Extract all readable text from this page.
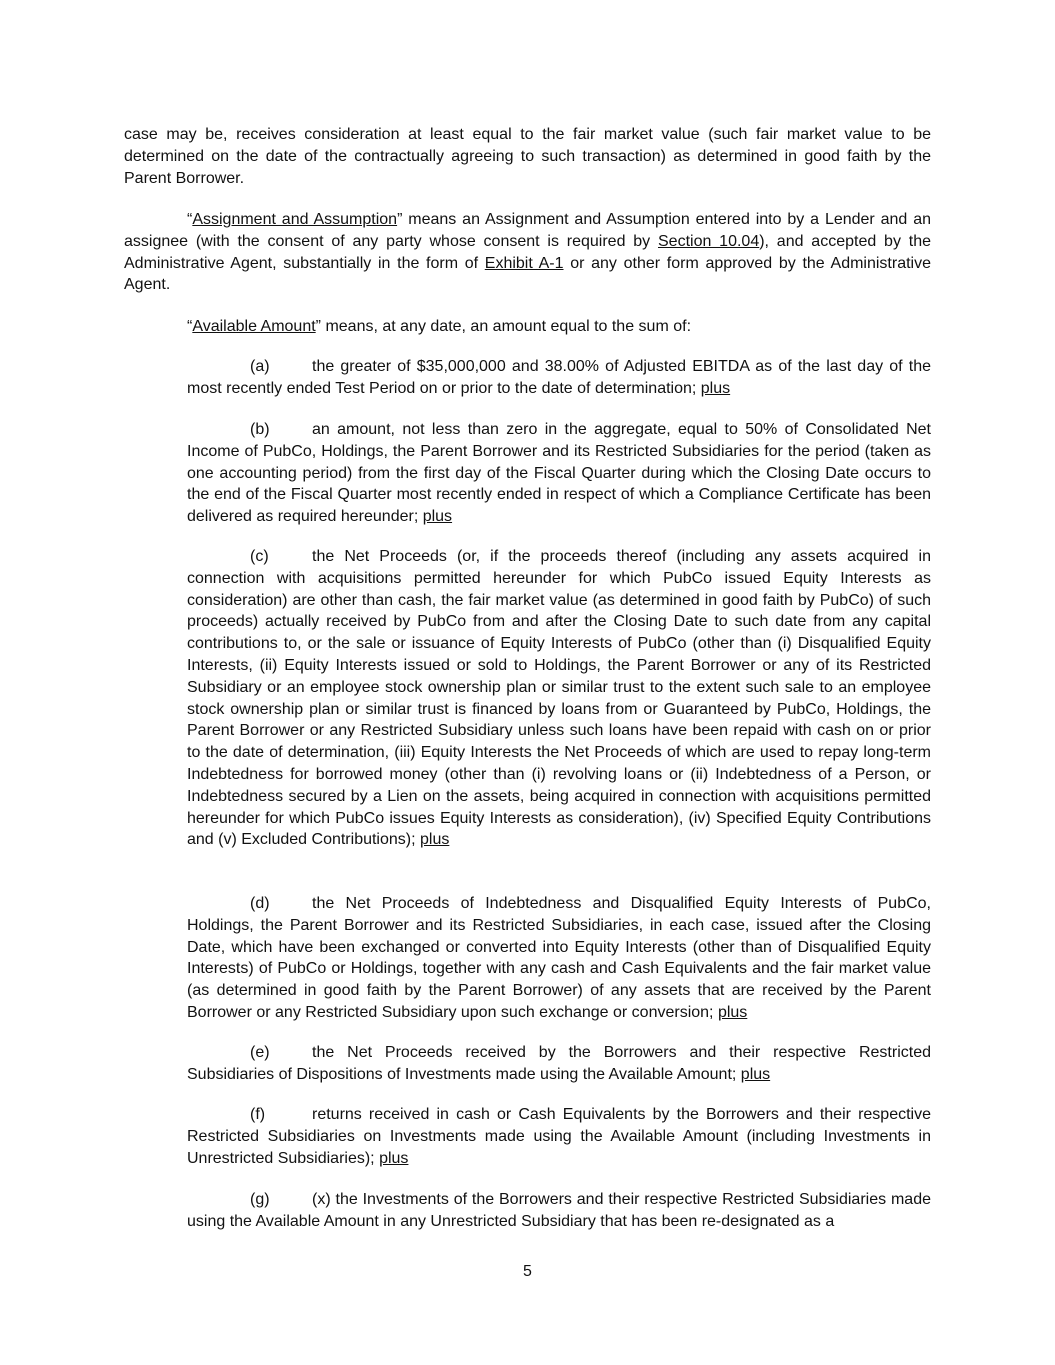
case may be, receives consideration at least equal to the fair market value (such fair market value to be determined on the date of the contractually agreeing to such transaction) as determined in good faith by the Parent Borrower.

“Assignment and Assumption” means an Assignment and Assumption entered into by a Lender and an assignee (with the consent of any party whose consent is required by Section 10.04), and accepted by the Administrative Agent, substantially in the form of Exhibit A-1 or any other form approved by the Administrative Agent.

“Available Amount” means, at any date, an amount equal to the sum of:

(a)	the greater of $35,000,000 and 38.00% of Adjusted EBITDA as of the last day of the most recently ended Test Period on or prior to the date of determination; plus

(b)	an amount, not less than zero in the aggregate, equal to 50% of Consolidated Net Income of PubCo, Holdings, the Parent Borrower and its Restricted Subsidiaries for the period (taken as one accounting period) from the first day of the Fiscal Quarter during which the Closing Date occurs to the end of the Fiscal Quarter most recently ended in respect of which a Compliance Certificate has been delivered as required hereunder; plus

(c)	the Net Proceeds (or, if the proceeds thereof (including any assets acquired in connection with acquisitions permitted hereunder for which PubCo issued Equity Interests as consideration) are other than cash, the fair market value (as determined in good faith by PubCo) of such proceeds) actually received by PubCo from and after the Closing Date to such date from any capital contributions to, or the sale or issuance of Equity Interests of PubCo (other than (i) Disqualified Equity Interests, (ii) Equity Interests issued or sold to Holdings, the Parent Borrower or any of its Restricted Subsidiary or an employee stock ownership plan or similar trust to the extent such sale to an employee stock ownership plan or similar trust is financed by loans from or Guaranteed by PubCo, Holdings, the Parent Borrower or any Restricted Subsidiary unless such loans have been repaid with cash on or prior to the date of determination, (iii) Equity Interests the Net Proceeds of which are used to repay long-term Indebtedness for borrowed money (other than (i) revolving loans or (ii) Indebtedness of a Person, or Indebtedness secured by a Lien on the assets, being acquired in connection with acquisitions permitted hereunder for which PubCo issues Equity Interests as consideration), (iv) Specified Equity Contributions and (v) Excluded Contributions); plus

(d)	the Net Proceeds of Indebtedness and Disqualified Equity Interests of PubCo, Holdings, the Parent Borrower and its Restricted Subsidiaries, in each case, issued after the Closing Date, which have been exchanged or converted into Equity Interests (other than of Disqualified Equity Interests) of PubCo or Holdings, together with any cash and Cash Equivalents and the fair market value (as determined in good faith by the Parent Borrower) of any assets that are received by the Parent Borrower or any Restricted Subsidiary upon such exchange or conversion; plus

(e)	the Net Proceeds received by the Borrowers and their respective Restricted Subsidiaries of Dispositions of Investments made using the Available Amount; plus

(f)	returns received in cash or Cash Equivalents by the Borrowers and their respective Restricted Subsidiaries on Investments made using the Available Amount (including Investments in Unrestricted Subsidiaries); plus

(g)	(x) the Investments of the Borrowers and their respective Restricted Subsidiaries made using the Available Amount in any Unrestricted Subsidiary that has been re-designated as a

5
